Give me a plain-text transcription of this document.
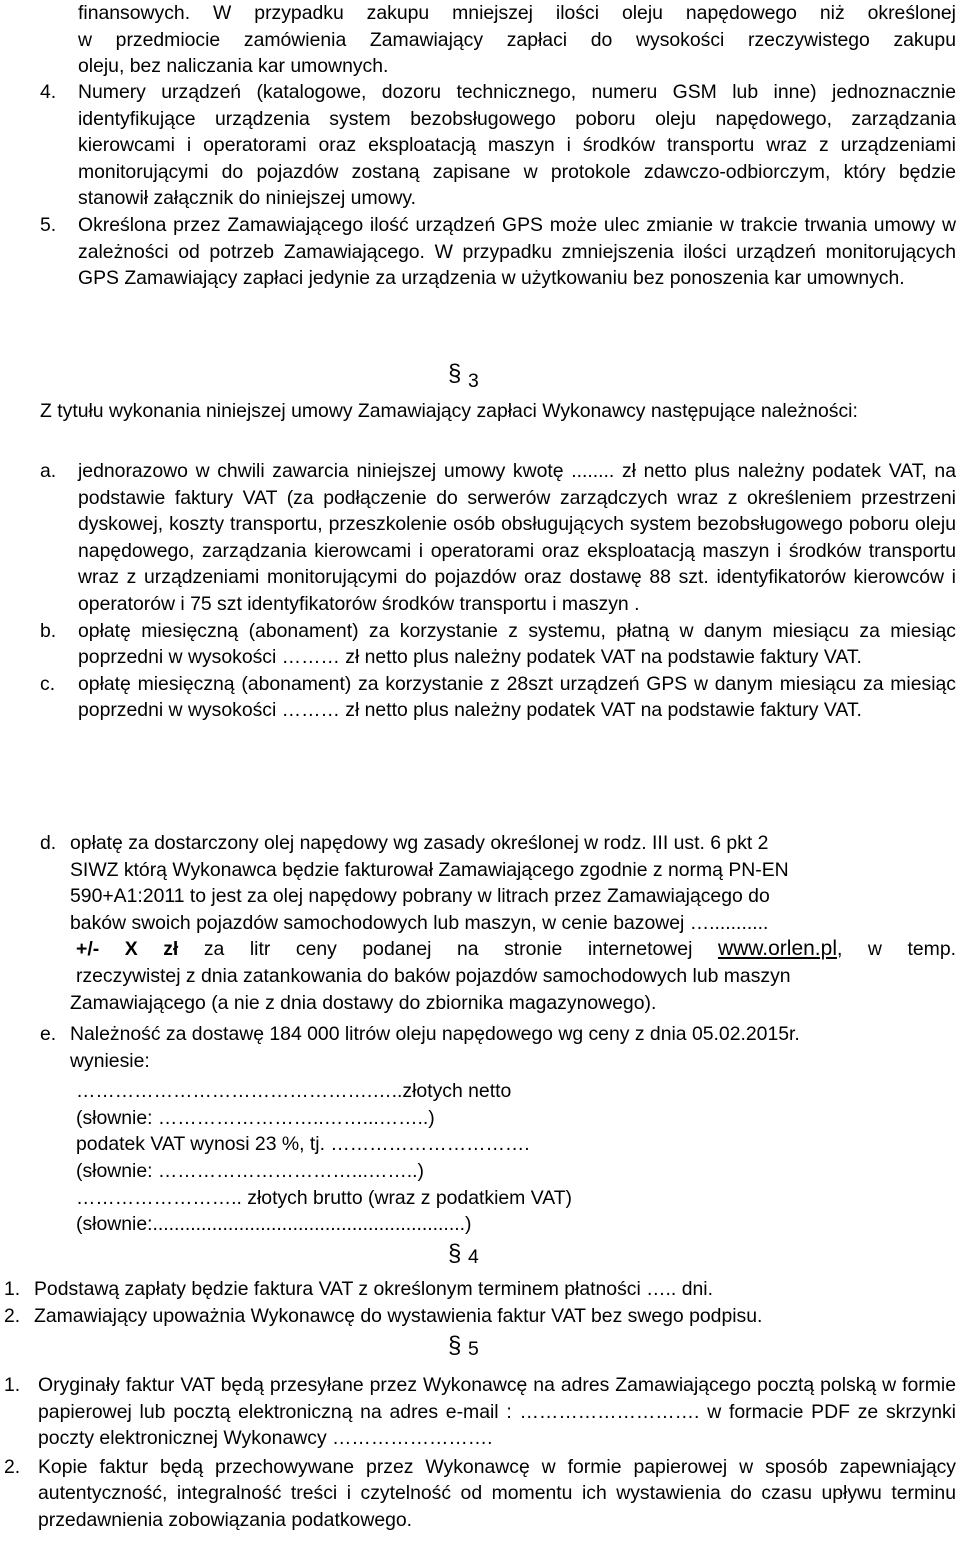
finansowych. W przypadku zakupu mniejszej ilości oleju napędowego niż określonej
w przedmiocie zamówienia Zamawiający zapłaci do wysokości rzeczywistego zakupu
oleju, bez naliczania kar umownych.
4.	Numery urządzeń (katalogowe, dozoru technicznego, numeru GSM lub inne) jednoznacznie identyfikujące urządzenia system bezobsługowego poboru oleju napędowego, zarządzania kierowcami i operatorami oraz eksploatacją maszyn i środków transportu wraz z urządzeniami monitorującymi do pojazdów zostaną zapisane w protokole zdawczo-odbiorczym, który będzie stanowił załącznik do niniejszej umowy.
5.	Określona przez Zamawiającego ilość urządzeń GPS może ulec zmianie w trakcie trwania umowy w zależności od potrzeb Zamawiającego. W przypadku zmniejszenia ilości urządzeń monitorujących GPS Zamawiający zapłaci jedynie za urządzenia w użytkowaniu bez ponoszenia kar umownych.
§ 3
Z tytułu wykonania niniejszej umowy Zamawiający zapłaci Wykonawcy następujące należności:
a.	jednorazowo w chwili zawarcia niniejszej umowy kwotę ........ zł netto plus należny podatek VAT, na podstawie faktury VAT (za podłączenie do serwerów zarządczych wraz z określeniem przestrzeni dyskowej, koszty transportu, przeszkolenie osób obsługujących system bezobsługowego poboru oleju napędowego, zarządzania kierowcami i operatorami oraz eksploatacją maszyn i środków transportu wraz z urządzeniami monitorującymi do pojazdów oraz dostawę 88 szt. identyfikatorów kierowców i operatorów i 75 szt identyfikatorów środków transportu i maszyn .
b.	opłatę miesięczną (abonament) za korzystanie z systemu, płatną w danym miesiącu za miesiąc poprzedni w wysokości ……… zł netto plus należny podatek VAT na podstawie faktury VAT.
c.	opłatę miesięczną (abonament) za korzystanie z 28szt urządzeń GPS w danym miesiącu za miesiąc poprzedni w wysokości ……… zł netto plus należny podatek VAT na podstawie faktury VAT.
d. opłatę za dostarczony olej napędowy wg zasady określonej w rodz. III ust. 6 pkt 2
SIWZ którą Wykonawca będzie fakturował Zamawiającego zgodnie z normą PN-EN
590+A1:2011 to jest za olej napędowy pobrany w litrach przez Zamawiającego do
baków swoich pojazdów samochodowych lub maszyn, w cenie bazowej …...........
+/- X zł za litr ceny podanej na stronie internetowej www.orlen.pl, w temp.
rzeczywistej z dnia zatankowania do baków pojazdów samochodowych lub maszyn
Zamawiającego (a nie z dnia dostawy do zbiornika magazynowego).
e. Należność za dostawę 184 000 litrów oleju napędowego wg ceny z dnia 05.02.2015r.
wyniesie:
……………………………………….…..złotych netto
(słownie: ……………………..……...……..)
podatek VAT wynosi 23 %, tj. ………………………….
(słownie: …………………………...……..)
…………………….. złotych brutto (wraz z podatkiem VAT)
(słownie:..........................................................)
§ 4
1. Podstawą zapłaty będzie faktura VAT z określonym terminem płatności ….. dni.
2. Zamawiający upoważnia Wykonawcę do wystawienia faktur VAT bez swego podpisu.
§ 5
1. Oryginały faktur VAT będą przesyłane przez Wykonawcę na adres Zamawiającego pocztą polską w formie papierowej lub pocztą elektroniczną na adres e-mail : ………………………. w formacie PDF ze skrzynki poczty elektronicznej Wykonawcy …………………….
2. Kopie faktur będą przechowywane przez Wykonawcę w formie papierowej w sposób zapewniający autentyczność, integralność treści i czytelność od momentu ich wystawienia do czasu upływu terminu przedawnienia zobowiązania podatkowego.
